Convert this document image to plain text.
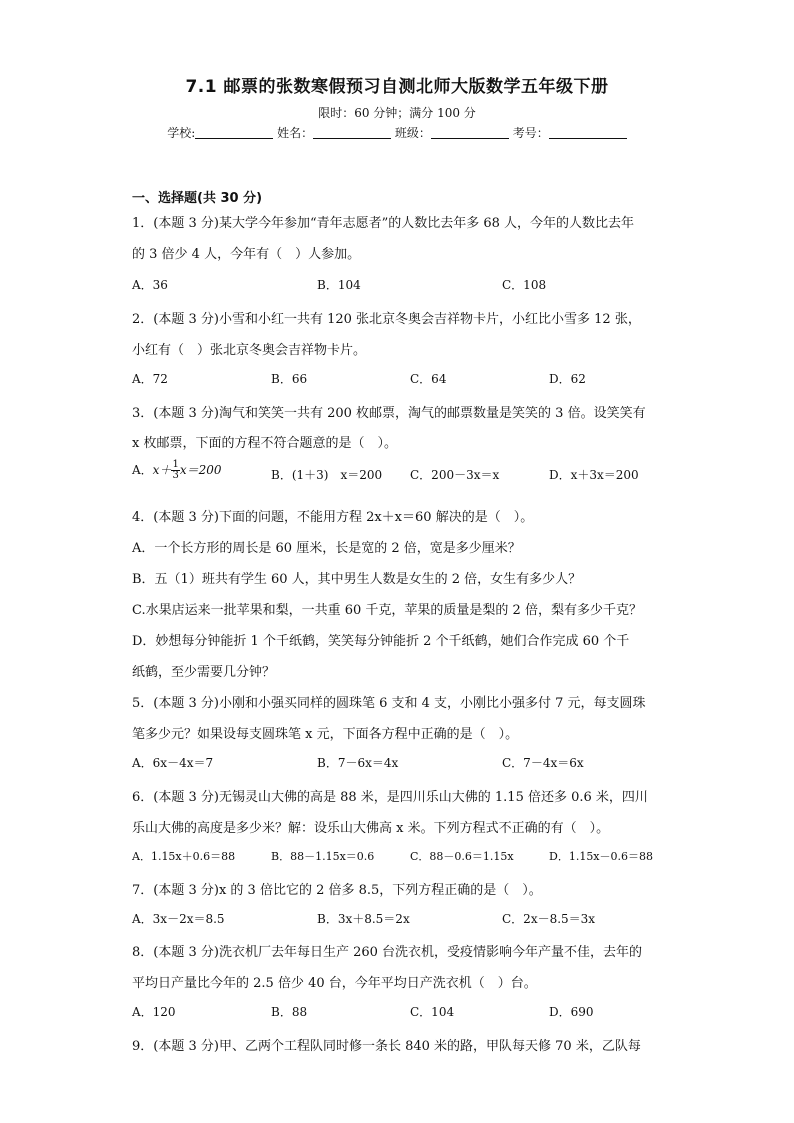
7.1 邮票的张数寒假预习自测北师大版数学五年级下册
限时：60 分钟；满分 100 分
学校:	姓名：	班级：	考号：
一、选择题(共 30 分)
1．(本题 3 分)某大学今年参加“青年志愿者”的人数比去年多 68 人，今年的人数比去年
的 3 倍少 4 人，今年有（　）人参加。
A．36	B．104	C．108
2．(本题 3 分)小雪和小红一共有 120 张北京冬奥会吉祥物卡片，小红比小雪多 12 张，
小红有（　）张北京冬奥会吉祥物卡片。
A．72	B．66	C．64	D．62
3．(本题 3 分)淘气和笑笑一共有 200 枚邮票，淘气的邮票数量是笑笑的 3 倍。设笑笑有
x 枚邮票，下面的方程不符合题意的是（　）。
A．$x+ \frac{1}{3} x=200$	B．(1＋3)　x＝200 C．200－3x＝x	D．x＋3x＝200
4．(本题 3 分)下面的问题，不能用方程 2x＋x＝60 解决的是（　）。
A．一个长方形的周长是 60 厘米，长是宽的 2 倍，宽是多少厘米？
B．五（1）班共有学生 60 人，其中男生人数是女生的 2 倍，女生有多少人？
C.水果店运来一批苹果和梨，一共重 60 千克，苹果的质量是梨的 2 倍，梨有多少千克？
D．妙想每分钟能折 1 个千纸鹤，笑笑每分钟能折 2 个千纸鹤，她们合作完成 60 个千
纸鹤，至少需要几分钟？
5．(本题 3 分)小刚和小强买同样的圆珠笔 6 支和 4 支，小刚比小强多付 7 元，每支圆珠
笔多少元？如果设每支圆珠笔 x 元，下面各方程中正确的是（　）。
A．6x－4x＝7	B．7－6x＝4x	C．7－4x＝6x
6．(本题 3 分)无锡灵山大佛的高是 88 米，是四川乐山大佛的 1.15 倍还多 0.6 米，四川
乐山大佛的高度是多少米？解：设乐山大佛高 x 米。下列方程式不正确的有（　）。
A．1.15x＋0.6＝88	B．88－1.15x＝0.6	C．88－0.6＝1.15x	D．1.15x－0.6＝88
7．(本题 3 分)x 的 3 倍比它的 2 倍多 8.5，下列方程正确的是（　）。
A．3x－2x＝8.5	B．3x＋8.5＝2x	C．2x－8.5＝3x
8．(本题 3 分)洗衣机厂去年每日生产 260 台洗衣机，受疫情影响今年产量不佳，去年的
平均日产量比今年的 2.5 倍少 40 台，今年平均日产洗衣机（　）台。
A．120	B．88	C．104	D．690
9．(本题 3 分)甲、乙两个工程队同时修一条长 840 米的路，甲队每天修 70 米，乙队每
